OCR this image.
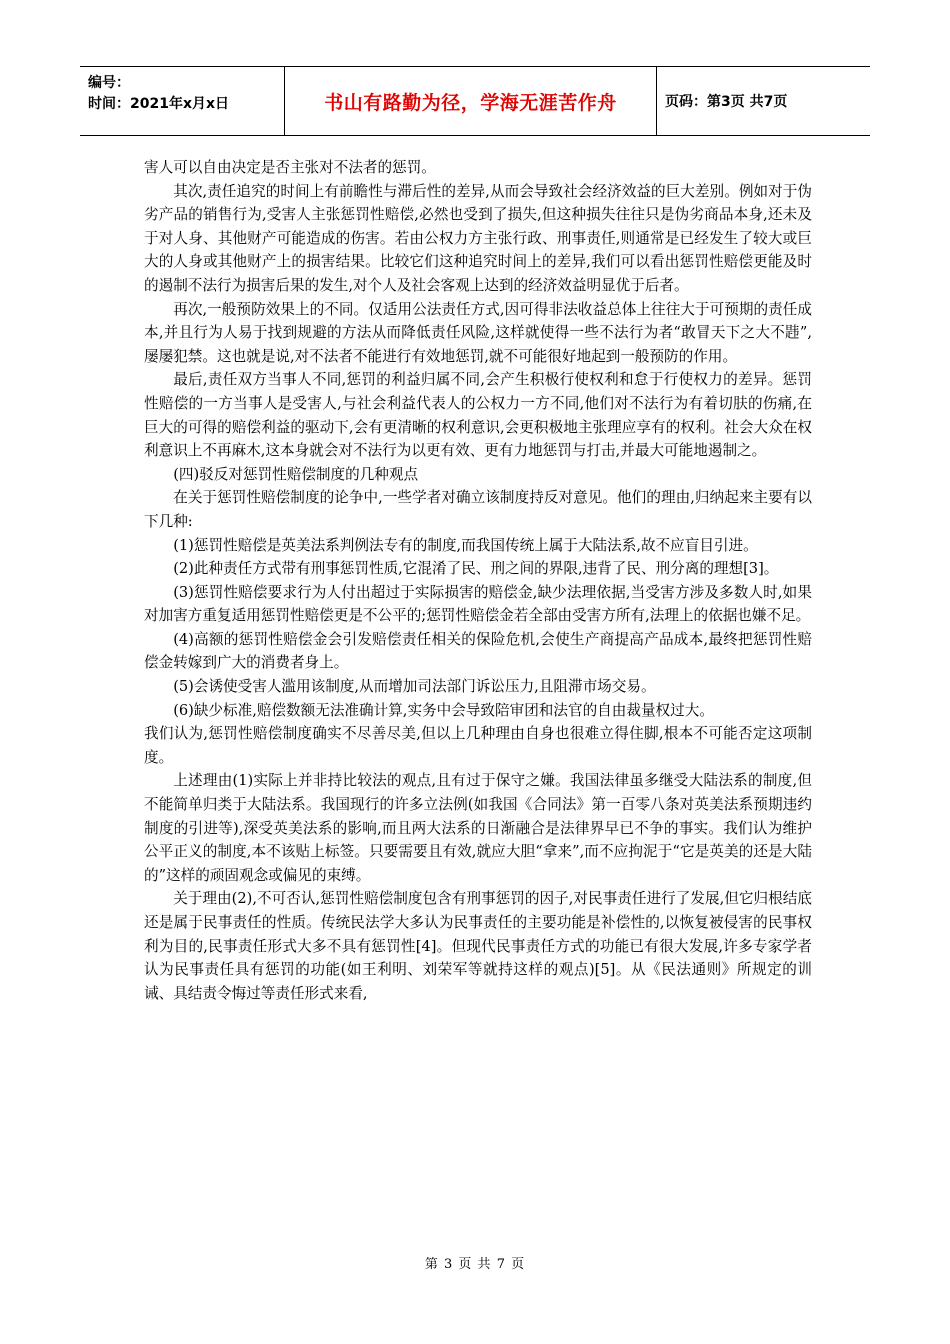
编号：
时间：2021年x月x日	书山有路勤为径，学海无涯苦作舟	页码：第3页 共7页

害人可以自由决定是否主张对不法者的惩罚。

其次,责任追究的时间上有前瞻性与滞后性的差异,从而会导致社会经济效益的巨大差别。例如对于伪劣产品的销售行为,受害人主张惩罚性赔偿,必然也受到了损失,但这种损失往往只是伪劣商品本身,还未及于对人身、其他财产可能造成的伤害。若由公权力方主张行政、刑事责任,则通常是已经发生了较大或巨大的人身或其他财产上的损害结果。比较它们这种追究时间上的差异,我们可以看出惩罚性赔偿更能及时的遏制不法行为损害后果的发生,对个人及社会客观上达到的经济效益明显优于后者。

再次,一般预防效果上的不同。仅适用公法责任方式,因可得非法收益总体上往往大于可预期的责任成本,并且行为人易于找到规避的方法从而降低责任风险,这样就使得一些不法行为者“敢冒天下之大不韪”,屡屡犯禁。这也就是说,对不法者不能进行有效地惩罚,就不可能很好地起到一般预防的作用。

最后,责任双方当事人不同,惩罚的利益归属不同,会产生积极行使权利和怠于行使权力的差异。惩罚性赔偿的一方当事人是受害人,与社会利益代表人的公权力一方不同,他们对不法行为有着切肤的伤痛,在巨大的可得的赔偿利益的驱动下,会有更清晰的权利意识,会更积极地主张理应享有的权利。社会大众在权利意识上不再麻木,这本身就会对不法行为以更有效、更有力地惩罚与打击,并最大可能地遏制之。

(四)驳反对惩罚性赔偿制度的几种观点

在关于惩罚性赔偿制度的论争中,一些学者对确立该制度持反对意见。他们的理由,归纳起来主要有以下几种:

(1)惩罚性赔偿是英美法系判例法专有的制度,而我国传统上属于大陆法系,故不应盲目引进。

(2)此种责任方式带有刑事惩罚性质,它混淆了民、刑之间的界限,违背了民、刑分离的理想[3]。

(3)惩罚性赔偿要求行为人付出超过于实际损害的赔偿金,缺少法理依据,当受害方涉及多数人时,如果对加害方重复适用惩罚性赔偿更是不公平的;惩罚性赔偿金若全部由受害方所有,法理上的依据也嫌不足。

(4)高额的惩罚性赔偿金会引发赔偿责任相关的保险危机,会使生产商提高产品成本,最终把惩罚性赔偿金转嫁到广大的消费者身上。

(5)会诱使受害人滥用该制度,从而增加司法部门诉讼压力,且阻滞市场交易。

(6)缺少标准,赔偿数额无法准确计算,实务中会导致陪审团和法官的自由裁量权过大。

我们认为,惩罚性赔偿制度确实不尽善尽美,但以上几种理由自身也很难立得住脚,根本不可能否定这项制度。

上述理由(1)实际上并非持比较法的观点,且有过于保守之嫌。我国法律虽多继受大陆法系的制度,但不能简单归类于大陆法系。我国现行的许多立法例(如我国《合同法》第一百零八条对英美法系预期违约制度的引进等),深受英美法系的影响,而且两大法系的日渐融合是法律界早已不争的事实。我们认为维护公平正义的制度,本不该贴上标签。只要需要且有效,就应大胆“拿来”,而不应拘泥于“它是英美的还是大陆的”这样的顽固观念或偏见的束缚。

关于理由(2),不可否认,惩罚性赔偿制度包含有刑事惩罚的因子,对民事责任进行了发展,但它归根结底还是属于民事责任的性质。传统民法学大多认为民事责任的主要功能是补偿性的,以恢复被侵害的民事权利为目的,民事责任形式大多不具有惩罚性[4]。但现代民事责任方式的功能已有很大发展,许多专家学者认为民事责任具有惩罚的功能(如王利明、刘荣军等就持这样的观点)[5]。从《民法通则》所规定的训诫、具结责令悔过等责任形式来看,

第 3 页 共 7 页
